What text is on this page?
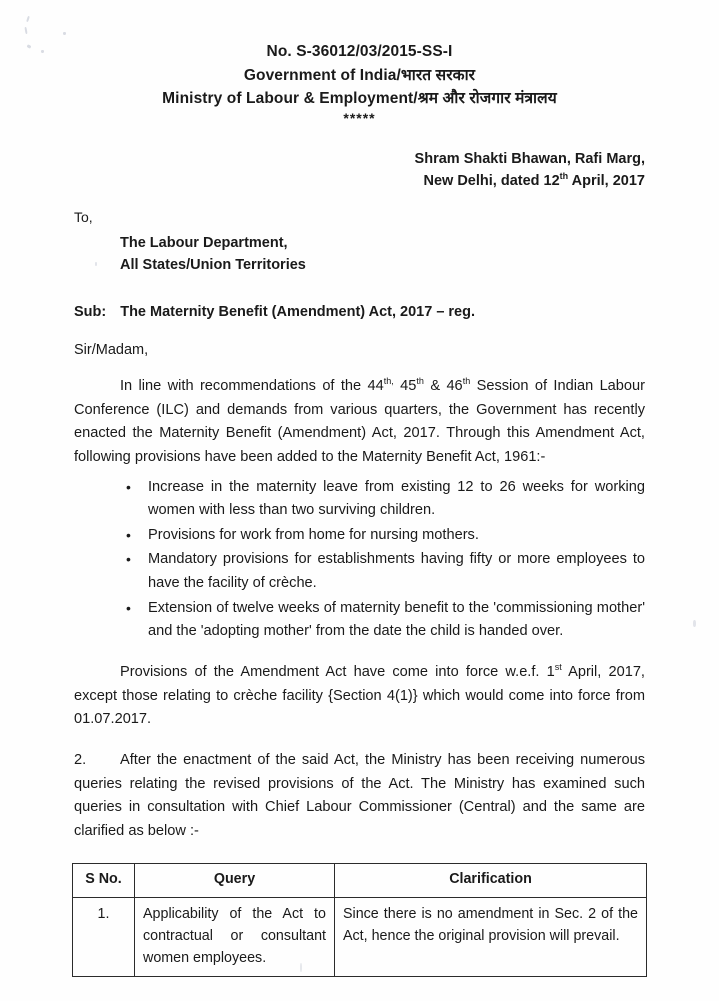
No. S-36012/03/2015-SS-I
Government of India/भारत सरकार
Ministry of Labour & Employment/श्रम और रोजगार मंत्रालय
*****
Shram Shakti Bhawan, Rafi Marg,
New Delhi, dated 12th April, 2017
To,
The Labour Department,
All States/Union Territories
Sub: The Maternity Benefit (Amendment) Act, 2017 – reg.
Sir/Madam,
In line with recommendations of the $44^{th,}$ 45th & 46th Session of Indian Labour Conference (ILC) and demands from various quarters, the Government has recently enacted the Maternity Benefit (Amendment) Act, 2017. Through this Amendment Act, following provisions have been added to the Maternity Benefit Act, 1961:-
• Increase in the maternity leave from existing 12 to 26 weeks for working women with less than two surviving children.
• Provisions for work from home for nursing mothers.
• Mandatory provisions for establishments having fifty or more employees to have the facility of crèche.
• Extension of twelve weeks of maternity benefit to the 'commissioning mother' and the 'adopting mother' from the date the child is handed over.
Provisions of the Amendment Act have come into force w.e.f. 1st April, 2017, except those relating to crèche facility {Section 4(1)} which would come into force from 01.07.2017.
2. After the enactment of the said Act, the Ministry has been receiving numerous queries relating the revised provisions of the Act. The Ministry has examined such queries in consultation with Chief Labour Commissioner (Central) and the same are clarified as below :-
S No.	Query	Clarification
1.	Applicability of the Act to contractual or consultant women employees.	Since there is no amendment in Sec. 2 of the Act, hence the original provision will prevail.
